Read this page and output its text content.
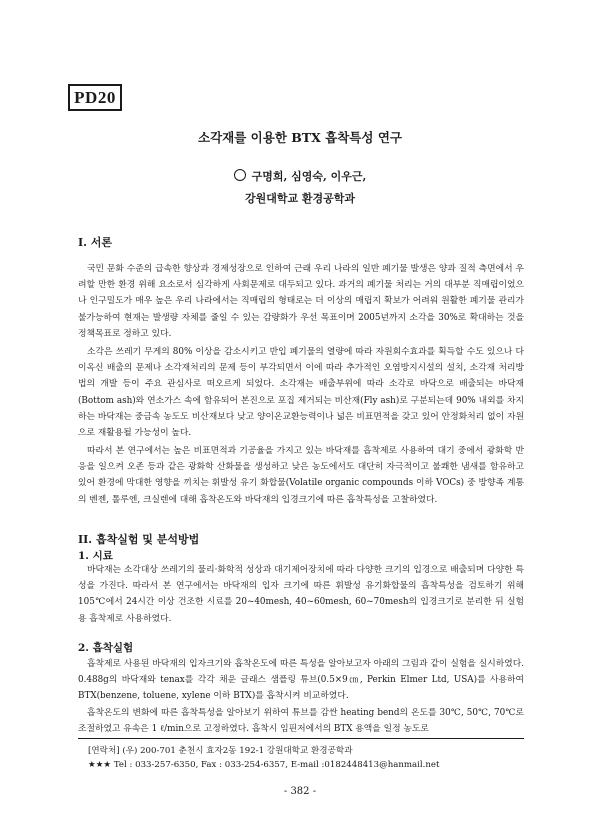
PD20
소각재를 이용한 BTX 흡착특성 연구
구명희, 심영숙, 이우근,
강원대학교 환경공학과
I. 서론

국민 문화 수준의 급속한 향상과 경제성장으로 인하여 근래 우리 나라의 일반 폐기물 발생은 양과 질적 측면에서 우려할 만한 환경 위해 요소로서 심각하게 사회문제로 대두되고 있다. 과거의 폐기물 처리는 거의 대부분 직매립이었으나 인구밀도가 매우 높은 우리 나라에서는 직매립의 형태로는 더 이상의 매립지 확보가 어려워 원활한 폐기물 관리가 불가능하여 현재는 발생량 자체를 줄일 수 있는 감량화가 우선 목표이며 2005년까지 소각을 30%로 확대하는 것을 정책목표로 정하고 있다.

소각은 쓰레기 무게의 80% 이상을 감소시키고 반입 폐기물의 열량에 따라 자원회수효과를 획득할 수도 있으나 다이옥신 배출의 문제나 소각재처리의 문제 등이 부각되면서 이에 따라 추가적인 오염방지시설의 설치, 소각재 처리방법의 개발 등이 주요 관심사로 떠오르게 되었다. 소각재는 배출부위에 따라 소각로 바닥으로 배출되는 바닥재(Bottom ash)와 연소가스 속에 함유되어 본진으로 포집 제거되는 비산재(Fly ash)로 구분되는데 90% 내외를 차지하는 바닥재는 중금속 농도도 비산재보다 낮고 양이온교환능력이나 넓은 비표면적을 갖고 있어 안정화처리 없이 자원으로 재활용될 가능성이 높다.

따라서 본 연구에서는 높은 비표면적과 기공율을 가지고 있는 바닥재를 흡착제로 사용하여 대기 중에서 광화학 반응을 일으켜 오존 등과 같은 광화학 산화물을 생성하고 낮은 농도에서도 대단히 자극적이고 불쾌한 냄새를 함유하고 있어 환경에 막대한 영향을 끼치는 휘발성 유기 화합물(Volatile organic compounds 이하 VOCs) 중 방향족 계통의 벤젠, 톨루엔, 크실렌에 대해 흡착온도와 바닥재의 입경크기에 따른 흡착특성을 고찰하였다.

II. 흡착실험 및 분석방법
1. 시료

바닥재는 소각대상 쓰레기의 물리·화학적 성상과 대기제어장치에 따라 다양한 크기의 입경으로 배출되며 다양한 특성을 가진다. 따라서 본 연구에서는 바닥재의 입자 크기에 따른 휘발성 유기화합물의 흡착특성을 검토하기 위해 105℃에서 24시간 이상 건조한 시료를 20~40mesh, 40~60mesh, 60~70mesh의 입경크기로 분리한 뒤 실험용 흡착제로 사용하였다.

2. 흡착실험

흡착제로 사용된 바닥재의 입자크기와 흡착온도에 따른 특성을 알아보고자 아래의 그림과 같이 실험을 실시하였다. 0.488g의 바닥재와 tenax를 각각 채운 글래스 샘플링 튜브(0.5×9㎝, Perkin Elmer Ltd, USA)를 사용하여 BTX(benzene, toluene, xylene 이하 BTX)를 흡착시켜 비교하였다.

흡착온도의 변화에 따른 흡착특성을 알아보기 위하여 튜브를 감싼 heating bend의 온도를 30℃, 50℃, 70℃로 조절하였고 유속은 1 ℓ/min으로 고정하였다. 흡착시 임핀저에서의 BTX 용액을 일정 농도로

[연락처] (우) 200-701 춘천시 효자2동 192-1 강원대학교 환경공학과
★★★ Tel : 033-257-6350, Fax : 033-254-6357, E-mail :0182448413@hanmail.net
- 382 -
